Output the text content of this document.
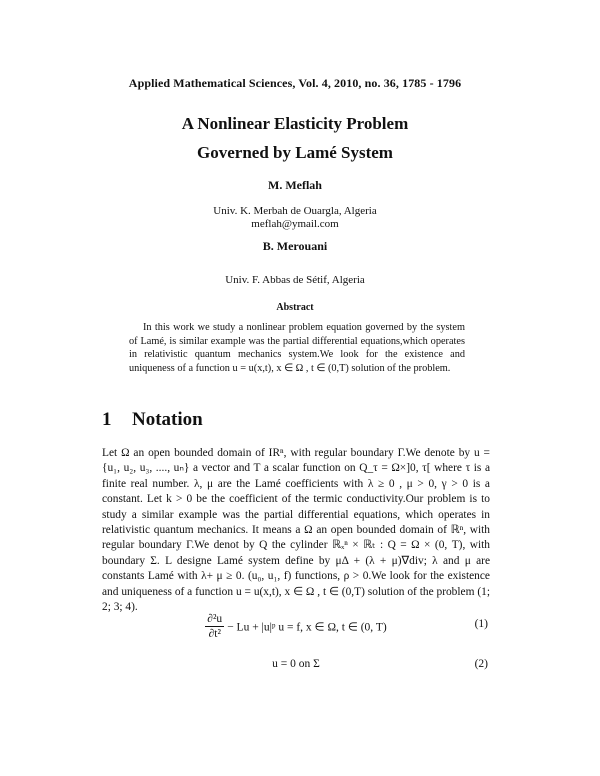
Applied Mathematical Sciences, Vol. 4, 2010, no. 36, 1785 - 1796
A Nonlinear Elasticity Problem
Governed by Lamé System
M. Meflah
Univ. K. Merbah de Ouargla, Algeria
meflah@ymail.com
B. Merouani
Univ. F. Abbas de Sétif, Algeria
Abstract
In this work we study a nonlinear problem equation governed by the system of Lamé, is similar example was the partial differential equations,which operates in relativistic quantum mechanics system.We look for the existence and uniqueness of a function u = u(x,t), x ∈ Ω , t ∈ (0,T) solution of the problem.
1 Notation
Let Ω an open bounded domain of IRⁿ, with regular boundary Γ.We denote by u = {u₁, u₂, u₃, ...., uₙ} a vector and T a scalar function on Q_τ = Ω×]0, τ[ where τ is a finite real number. λ, μ are the Lamé coefficients with λ ≥ 0 , μ > 0, γ > 0 is a constant. Let k > 0 be the coefficient of the termic conductivity.Our problem is to study a similar example was the partial differential equations, which operates in relativistic quantum mechanics. It means a Ω an open bounded domain of ℝⁿ, with regular boundary Γ.We denot by Q the cylinder ℝₓⁿ × ℝₜ : Q = Ω × (0, T), with boundary Σ. L designe Lamé system define by μΔ + (λ + μ)∇div; λ and μ are constants Lamé with λ+ μ ≥ 0. (u₀, u₁, f) functions, ρ > 0.We look for the existence and uniqueness of a function u = u(x,t), x ∈ Ω , t ∈ (0,T) solution of the problem (1; 2; 3; 4).
$\frac{\text{∂²u}}{\text{∂t²}} - Lu$ + |u|ᵖ u = f, x ∈ Ω, t ∈ (0, T)	(1)
u = 0 on Σ	(2)
